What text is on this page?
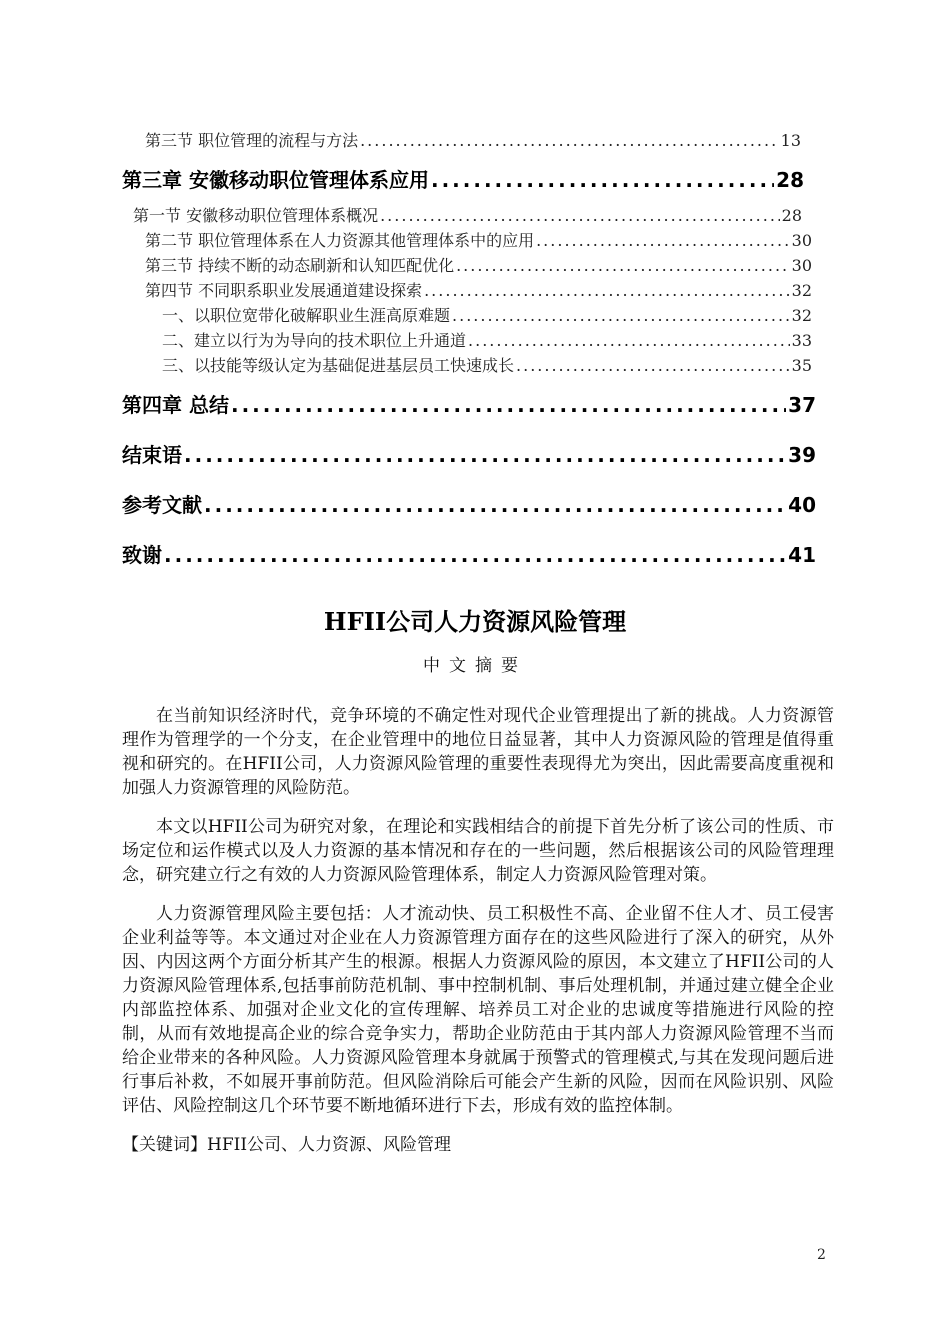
第三节 职位管理的流程与方法 .....	13
第三章 安徽移动职位管理体系应用 .....	28
第一节 安徽移动职位管理体系概况 .....	28
第二节 职位管理体系在人力资源其他管理体系中的应用 .....	30
第三节 持续不断的动态刷新和认知匹配优化 .....	30
第四节 不同职系职业发展通道建设探索 .....	32
一、以职位宽带化破解职业生涯高原难题 .....	32
二、建立以行为为导向的技术职位上升通道 .....	33
三、以技能等级认定为基础促进基层员工快速成长 .....	35
第四章 总结 .....	37
结束语 .....	39
参考文献 .....	40
致谢 .....	41
HFII公司人力资源风险管理
中文摘要

在当前知识经济时代，竞争环境的不确定性对现代企业管理提出了新的挑战。人力资源管理作为管理学的一个分支，在企业管理中的地位日益显著，其中人力资源风险的管理是值得重视和研究的。在HFII公司，人力资源风险管理的重要性表现得尤为突出，因此需要高度重视和加强人力资源管理的风险防范。

本文以HFII公司为研究对象，在理论和实践相结合的前提下首先分析了该公司的性质、市场定位和运作模式以及人力资源的基本情况和存在的一些问题，然后根据该公司的风险管理理念，研究建立行之有效的人力资源风险管理体系，制定人力资源风险管理对策。

人力资源管理风险主要包括：人才流动快、员工积极性不高、企业留不住人才、员工侵害企业利益等等。本文通过对企业在人力资源管理方面存在的这些风险进行了深入的研究，从外因、内因这两个方面分析其产生的根源。根据人力资源风险的原因，本文建立了HFII公司的人力资源风险管理体系,包括事前防范机制、事中控制机制、事后处理机制，并通过建立健全企业内部监控体系、加强对企业文化的宣传理解、培养员工对企业的忠诚度等措施进行风险的控制，从而有效地提高企业的综合竞争实力，帮助企业防范由于其内部人力资源风险管理不当而给企业带来的各种风险。人力资源风险管理本身就属于预警式的管理模式,与其在发现问题后进行事后补救，不如展开事前防范。但风险消除后可能会产生新的风险，因而在风险识别、风险评估、风险控制这几个环节要不断地循环进行下去，形成有效的监控体制。

【关键词】HFII公司、人力资源、风险管理
2
